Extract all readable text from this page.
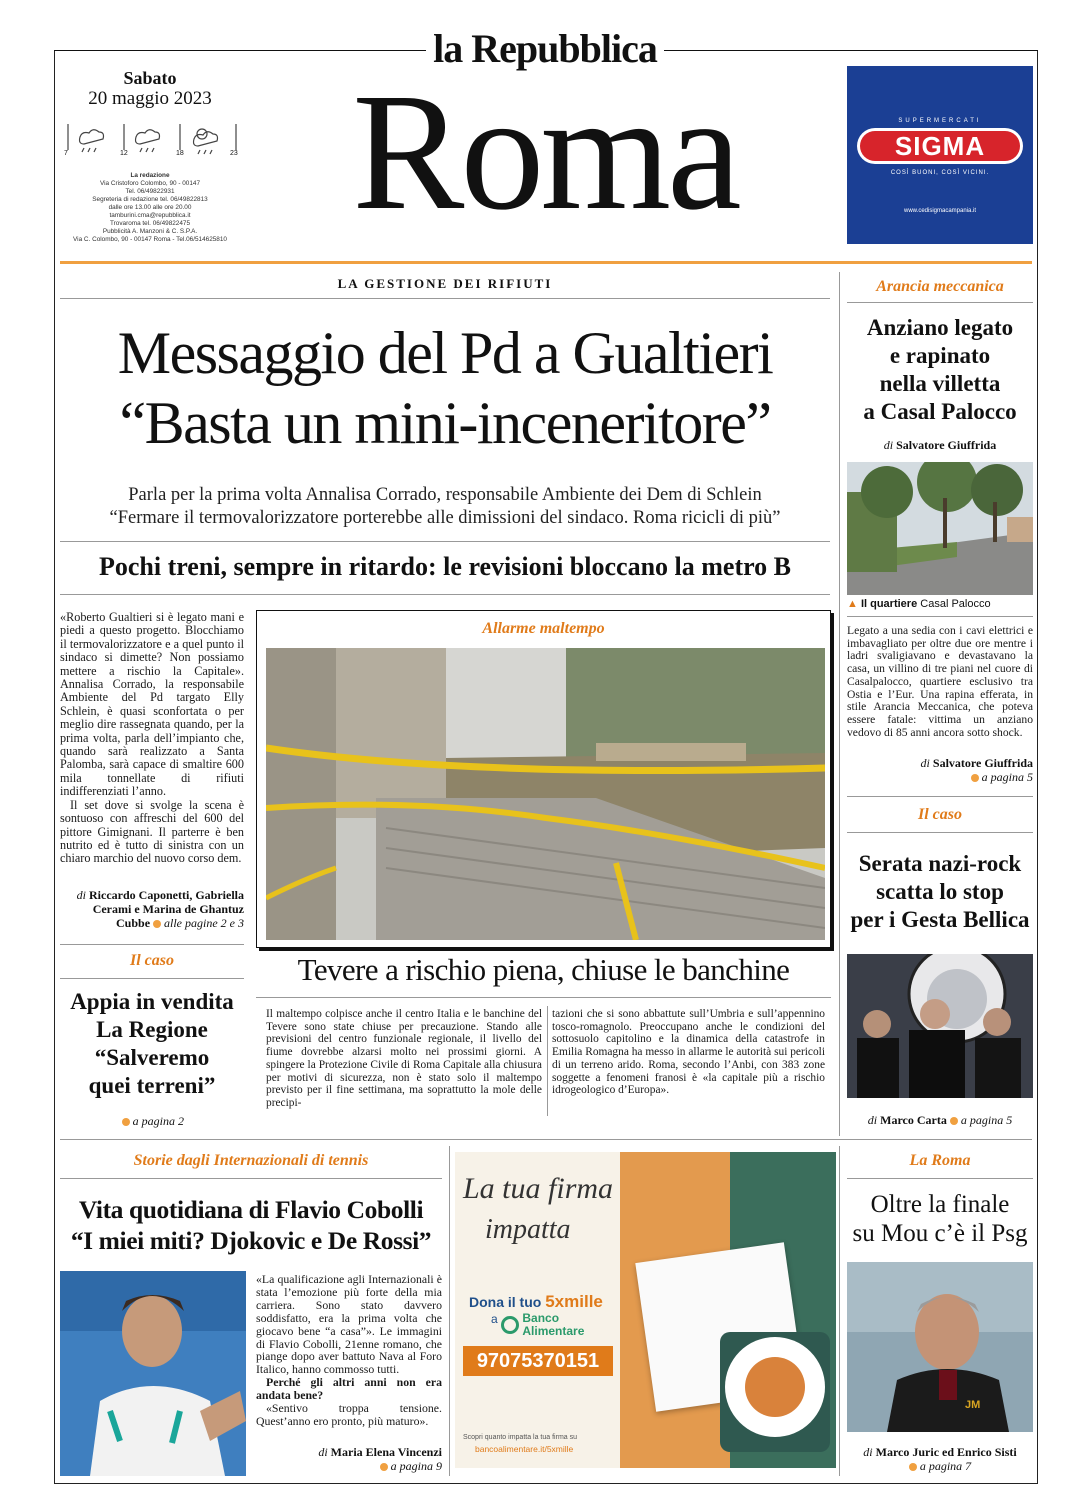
la Repubblica
Roma
Sabato
20 maggio 2023
7	12	18	23
La redazione
Via Cristoforo Colombo, 90 - 00147
Tel. 06/49822931
Segreteria di redazione tel. 06/49822813
dalle ore 13.00 alle ore 20.00
tamburini.cma@repubblica.it
Trovaroma tel. 06/49822475
Pubblicità A. Manzoni & C. S.P.A.
Via C. Colombo, 90 - 00147 Roma - Tel.06/514625810
SUPERMERCATI
SIGMA
COSÌ BUONI, COSÌ VICINI.
www.cedisigmacampania.it
LA GESTIONE DEI RIFIUTI
Messaggio del Pd a Gualtieri
“Basta un mini-inceneritore”
Parla per la prima volta Annalisa Corrado, responsabile Ambiente dei Dem di Schlein
“Fermare il termovalorizzatore porterebbe alle dimissioni del sindaco. Roma ricicli di più”
Pochi treni, sempre in ritardo: le revisioni bloccano la metro B

«Roberto Gualtieri si è legato mani e piedi a questo progetto. Blocchiamo il termovalorizzatore e a quel punto il sindaco si dimette? Non possiamo mettere a rischio la Capitale». Annalisa Corrado, la responsabile Ambiente del Pd targato Elly Schlein, è quasi sconfortata o per meglio dire rassegnata quando, per la prima volta, parla dell’impianto che, quando sarà realizzato a Santa Palomba, sarà capace di smaltire 600 mila tonnellate di rifiuti indifferenziati l’anno.

Il set dove si svolge la scena è sontuoso con affreschi del 600 del pittore Gimignani. Il parterre è ben nutrito ed è tutto di sinistra con un chiaro marchio del nuovo corso dem.

di Riccardo Caponetti, Gabriella Cerami e Marina de Ghantuz Cubbe alle pagine 2 e 3
Il caso
Appia in vendita
La Regione
“Salveremo
quei terreni”
a pagina 2
Allarme maltempo
Tevere a rischio piena, chiuse le banchine
Il maltempo colpisce anche il centro Italia e le banchine del Tevere sono state chiuse per precauzione. Stando alle previsioni del centro funzionale regionale, il livello del fiume dovrebbe alzarsi molto nei prossimi giorni. A spingere la Protezione Civile di Roma Capitale alla chiusura per motivi di sicurezza, non è stato solo il maltempo previsto per il fine settimana, ma soprattutto la mole delle precipi-
tazioni che si sono abbattute sull’Umbria e sull’appennino tosco-romagnolo. Preoccupano anche le condizioni del sottosuolo capitolino e la dinamica della catastrofe in Emilia Romagna ha messo in allarme le autorità sui pericoli di un terreno arido. Roma, secondo l’Anbi, con 383 zone soggette a fenomeni franosi è «la capitale più a rischio idrogeologico d’Europa».
Arancia meccanica
Anziano legato
e rapinato
nella villetta
a Casal Palocco
di Salvatore Giuffrida
▲ Il quartiere Casal Palocco
Legato a una sedia con i cavi elettrici e imbavagliato per oltre due ore mentre i ladri svaligiavano e devastavano la casa, un villino di tre piani nel cuore di Casalpalocco, quartiere esclusivo tra Ostia e l’Eur. Una rapina efferata, in stile Arancia Meccanica, che poteva essere fatale: vittima un anziano vedovo di 85 anni ancora sotto shock.
di Salvatore Giuffrida
a pagina 5
Il caso
Serata nazi-rock
scatta lo stop
per i Gesta Bellica
di Marco Carta a pagina 5
Storie dagli Internazionali di tennis
Vita quotidiana di Flavio Cobolli
“I miei miti? Djokovic e De Rossi”

«La qualificazione agli Internazionali è stata l’emozione più forte della mia carriera. Sono stato davvero soddisfatto, era la prima volta che giocavo bene “a casa”». Le immagini di Flavio Cobolli, 21enne romano, che piange dopo aver battuto Nava al Foro Italico, hanno commosso tutti.

Perché gli altri anni non era andata bene?

«Sentivo troppa tensione. Quest’anno ero pronto, più maturo».

di Maria Elena Vincenzi
a pagina 9
La tua firma
impatta
Dona il tuo 5xmille
a Banco
Alimentare
97075370151
Scopri quanto impatta la tua firma su
bancoalimentare.it/5xmille
La Roma
Oltre la finale
su Mou c’è il Psg
JM
di Marco Juric ed Enrico Sisti
a pagina 7
